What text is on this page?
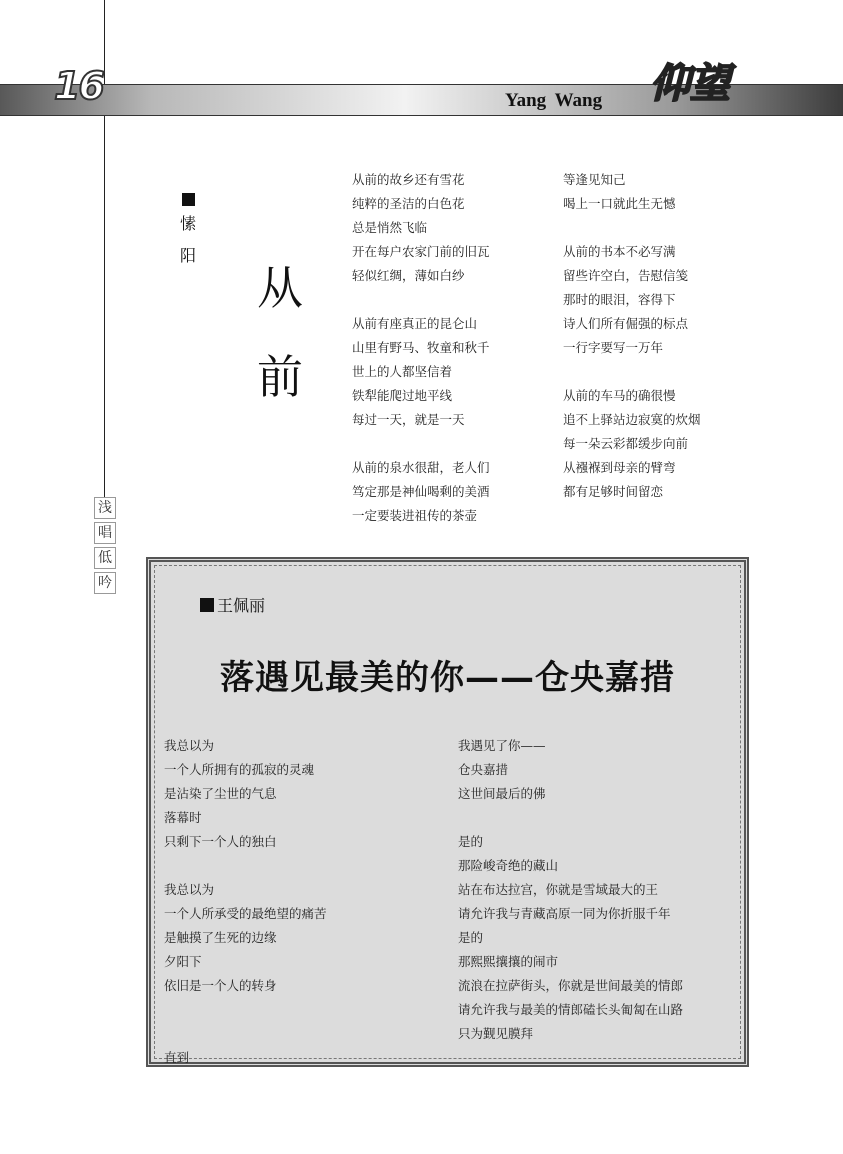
16	仰望
Yang Wang
浅
唱
低
吟
愫
阳
从
前
从前的故乡还有雪花
纯粹的圣洁的白色花
总是悄然飞临
开在每户农家门前的旧瓦
轻似红绸，薄如白纱

从前有座真正的昆仑山
山里有野马、牧童和秋千
世上的人都坚信着
铁犁能爬过地平线
每过一天，就是一天

从前的泉水很甜，老人们
笃定那是神仙喝剩的美酒
一定要装进祖传的茶壶
等逢见知己
喝上一口就此生无憾

从前的书本不必写满
留些许空白，告慰信笺
那时的眼泪，容得下
诗人们所有倔强的标点
一行字要写一万年

从前的车马的确很慢
追不上驿站边寂寞的炊烟
每一朵云彩都缓步向前
从襁褓到母亲的臂弯
都有足够时间留恋
王佩丽
落遇见最美的你——仓央嘉措
我总以为
一个人所拥有的孤寂的灵魂
是沾染了尘世的气息
落幕时
只剩下一个人的独白

我总以为
一个人所承受的最绝望的痛苦
是触摸了生死的边缘
夕阳下
依旧是一个人的转身

直到
我遇见了你——
仓央嘉措
这世间最后的佛

是的
那险峻奇绝的藏山
站在布达拉宫，你就是雪域最大的王
请允许我与青藏高原一同为你折服千年
是的
那熙熙攘攘的闹市
流浪在拉萨街头，你就是世间最美的情郎
请允许我与最美的情郎磕长头匍匐在山路
只为觐见膜拜
